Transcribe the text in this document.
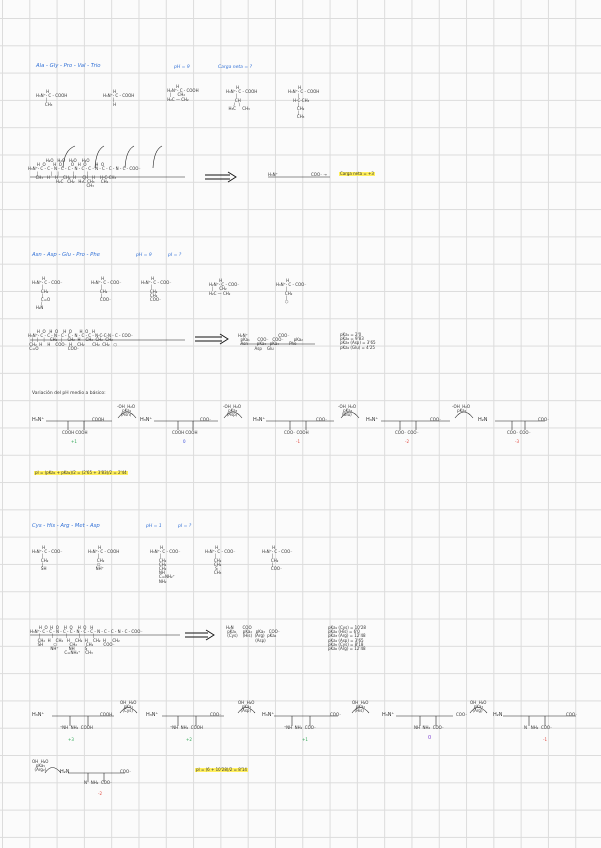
Ala - Gly - Pro - Val - Trio	pH = 9	Carga neta = ?
H
H₃N⁺- C - COOH
|
CH₃
H
H₃N⁺- C - COOH
|
H
H
H₂N⁺- C - COOH
|     CH₂
H₂C — CH₂
H
H₃N⁺- C - COOH
|
CH
/   \
H₃C     CH₃
H
H₃N⁺- C - COOH
|
H-C-CH₃
|
CH₂
|
CH₃
H₂O   H₂O   H₂O    H₂O
H  O      H  O       O   H  O       H  O
H₃N⁺- C - C - N - C - C - N - C - C - N - C - C - N - C - COO⁻
|          |    |           |          |
CH₃   H    H    CH₂  H     CH   H    H-C-CH₃
H₂C   CH₂   H₃C CH₃     CH₂
CH₃
H₃N⁺	COO⁻ →	Carga neta = +3
Asn - Asp - Glu - Pro - Phe	pH = 9	pI = ?
H
H₃N⁺- C - COO⁻
|
CH₂
|
C=O
/
H₂N
H
H₃N⁺- C - COO⁻
|
CH₂
|
COO⁻
H
H₃N⁺- C - COO⁻
|
CH₂
CH₂
COO⁻
H
H₂N⁺- C - COO⁻
|     CH₂
H₂C — CH₂
H
H₃N⁺- C - COO⁻
|
CH₂
|
⬡
H  O   H  O    H  O      H  O   H
H₃N⁺- C - C - N - C - C - N - C - C - N-C-C-N - C - COO⁻
|   |    |    CH₂   |    CH₂  H    CH₂  CH₂  CH₂
CH₂  H    H    COO⁻  H    CH₂      CH₂  CH₂   ⬡
C=O                       COO⁻
H₂N⁺                        COO⁻
pKa₁      COO⁻   COO⁻        pKa₂
Asn       pKa₃   pKa₄        Phe
Asp    Glu
pKa₁ = 2'0
pKa₂ = 9'83
pKa₃ (Asp) = 3'65
pKa₄ (Glu) = 4'25
Variación del pH medio a básico:
H₃N⁺	COOH
COOH COOH
-OH  H₂O
pKa₁
(Asn)
H₃N⁺	COO⁻
COOH COOH
-OH  H₂O
pKa₃
(Asp)
H₃N⁺	COO⁻
COO⁻ COOH
-OH  H₂O
pKa₄
(Glu)
H₃N⁺	COO⁻
COO⁻ COO⁻
-OH  H₂O
pKa₂
H₂N	COO⁻
COO⁻ COO⁻
+1	0	-1	-2	-3
pI = (pKa₁ + pKa₂)/2 = (2'65 + 3'83)/2 = 2'44
Cys - His - Arg - Met - Asp	pH = 1	pI = ?
H
H₃N⁺- C - COO⁻
|
CH₂
|
SH
H
H₃N⁺- C - COOH
|
CH₂
⬠
NH⁺
H
H₃N⁺- C - COO⁻
|
CH₂
CH₂
CH₂
NH
C=NH₂⁺
NH₂
H
H₃N⁺- C - COO⁻
|
CH₂
CH₂
S
CH₃
H
H₃N⁺- C - COO⁻
|
CH₂
|
COO⁻
H  O  H  O    H  O    H  O   H
H₃N⁺- C - C - N - C - C - N - C - C - N - C - C - N - C - COO⁻
|         |          |         |          |
CH₂  H    CH₂   H    CH₂  H    CH₂  H     CH₂
SH        ⬠          CH₂       CH₂        COO⁻
NH⁺        NH        S
C=NH₂⁺    CH₃
H₂N       COO
pKa₁     pKa₂   pKa₃   COO⁻
(Cys)    (His)  (Arg)  pKa₄
(Asp)
pKa₁ (Cys) = 10'28
pKa₂ (His) = 6'0
pKa₃ (Arg) = 12'48
pKa₄ (Asp) = 3'65
pKa₅ (Cys) = 8'18
pKa₆ (Arg) = 12'48
H₃N⁺	COOH
⁺NH  NH₂  COOH
OH  H₂O
pKa₁
(Cys)
H₃N⁺	COO⁻
⁺NH  NH₂  COOH
OH  H₂O
pKa₄
(Asp)
H₃N⁺	COO⁻
⁺NH  NH₂  COO⁻
OH  H₂O
pKa₂
(His)
H₃N⁺	COO⁻
NH  NH₂  COO⁻
OH  H₂O
pKa₃
(Arg)
H₂N	COO⁻
N   NH₂  COO⁻
+3	+2	+1	0	-1
OH  H₂O
pKa₅
(Arg₂)	H₂N	COO⁻
N   NH₂  COO⁻
-2
pI = (6 + 10'28)/2 = 8'14
